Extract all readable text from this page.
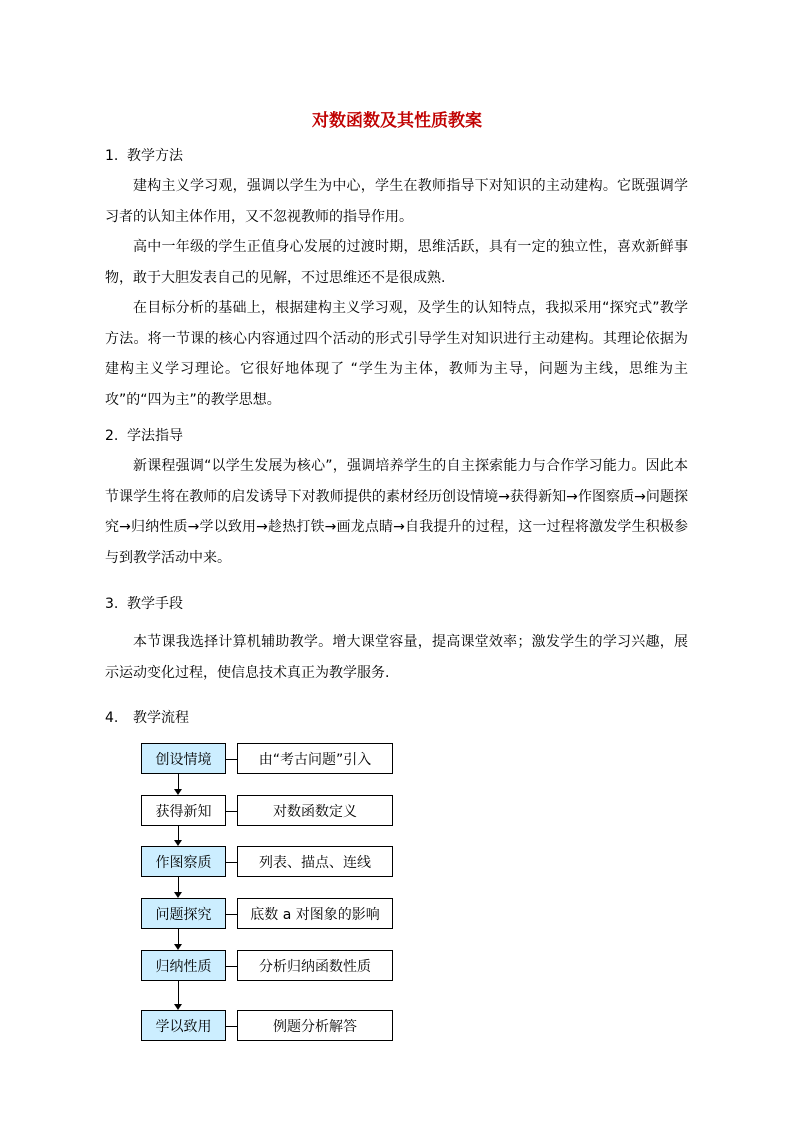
对数函数及其性质教案
1. 教学方法

建构主义学习观，强调以学生为中心，学生在教师指导下对知识的主动建构。它既强调学习者的认知主体作用，又不忽视教师的指导作用。

高中一年级的学生正值身心发展的过渡时期，思维活跃，具有一定的独立性，喜欢新鲜事物，敢于大胆发表自己的见解，不过思维还不是很成熟.

在目标分析的基础上，根据建构主义学习观，及学生的认知特点，我拟采用“探究式”教学方法。将一节课的核心内容通过四个活动的形式引导学生对知识进行主动建构。其理论依据为建构主义学习理论。它很好地体现了 “学生为主体，教师为主导，问题为主线，思维为主攻”的“四为主”的教学思想。

2. 学法指导

新课程强调“以学生发展为核心”，强调培养学生的自主探索能力与合作学习能力。因此本节课学生将在教师的启发诱导下对教师提供的素材经历创设情境→获得新知→作图察质→问题探究→归纳性质→学以致用→趁热打铁→画龙点睛→自我提升的过程，这一过程将激发学生积极参与到教学活动中来。

3. 教学手段

本节课我选择计算机辅助教学。增大课堂容量，提高课堂效率；激发学生的学习兴趣，展示运动变化过程，使信息技术真正为教学服务.

4. 教学流程
创设情境	由“考古问题”引入
获得新知	对数函数定义
作图察质	列表、描点、连线
问题探究	底数 a 对图象的影响
归纳性质	分析归纳函数性质
学以致用	例题分析解答
